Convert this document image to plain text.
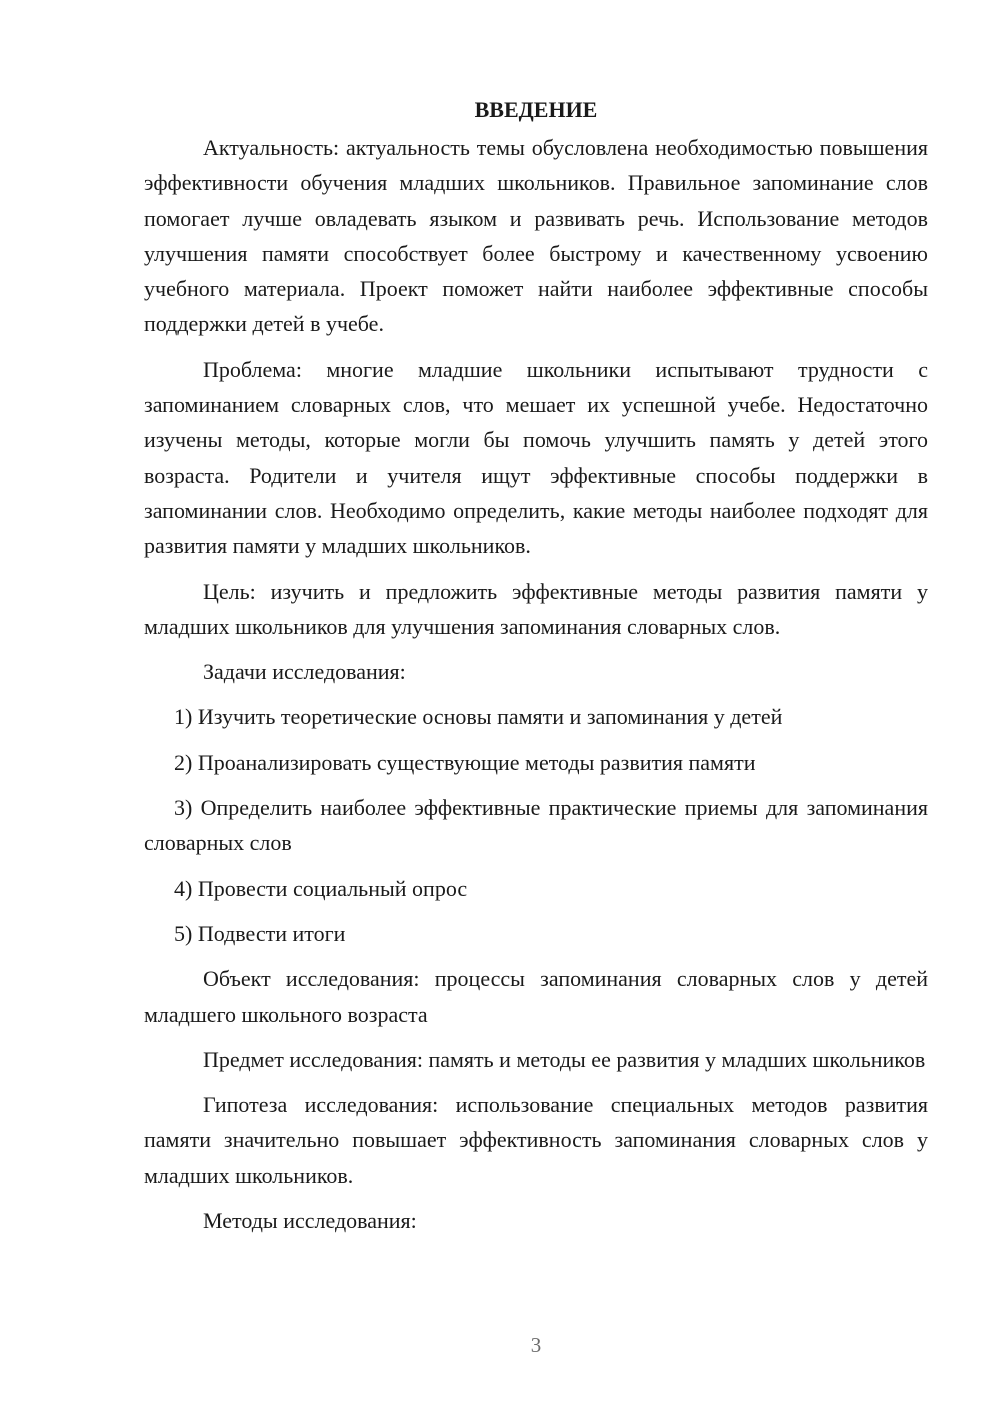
ВВЕДЕНИЕ

Актуальность: актуальность темы обусловлена необходимостью повышения эффективности обучения младших школьников. Правильное запоминание слов помогает лучше овладевать языком и развивать речь. Использование методов улучшения памяти способствует более быстрому и качественному усвоению учебного материала. Проект поможет найти наиболее эффективные способы поддержки детей в учебе.

Проблема: многие младшие школьники испытывают трудности с запоминанием словарных слов, что мешает их успешной учебе. Недостаточно изучены методы, которые могли бы помочь улучшить память у детей этого возраста. Родители и учителя ищут эффективные способы поддержки в запоминании слов. Необходимо определить, какие методы наиболее подходят для развития памяти у младших школьников.

Цель: изучить и предложить эффективные методы развития памяти у младших школьников для улучшения запоминания словарных слов.

Задачи исследования:

1) Изучить теоретические основы памяти и запоминания у детей

2) Проанализировать существующие методы развития памяти

3) Определить наиболее эффективные практические приемы для запоминания словарных слов

4) Провести социальный опрос

5) Подвести итоги

Объект исследования: процессы запоминания словарных слов у детей младшего школьного возраста

Предмет исследования: память и методы ее развития у младших школьников

Гипотеза исследования: использование специальных методов развития памяти значительно повышает эффективность запоминания словарных слов у младших школьников.

Методы исследования:

3
